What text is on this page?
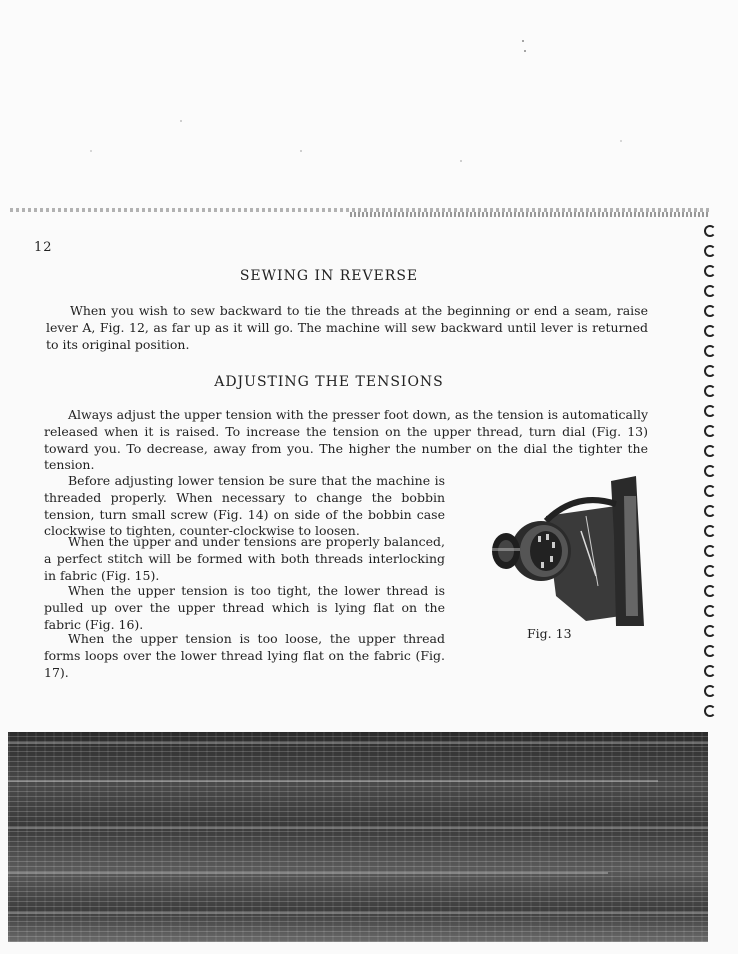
12
SEWING IN REVERSE

When you wish to sew backward to tie the threads at the beginning or end a seam, raise lever A, Fig. 12, as far up as it will go. The machine will sew backward until lever is returned to its original position.

ADJUSTING THE TENSIONS

Always adjust the upper tension with the presser foot down, as the tension is automatically released when it is raised. To increase the tension on the upper thread, turn dial (Fig. 13) toward you. To decrease, away from you. The higher the number on the dial the tighter the tension.

Before adjusting lower tension be sure that the machine is threaded properly. When necessary to change the bobbin tension, turn small screw (Fig. 14) on side of the bobbin case clockwise to tighten, counter-clockwise to loosen.

When the upper and under tensions are properly balanced, a perfect stitch will be formed with both threads interlocking in fabric (Fig. 15).

When the upper tension is too tight, the lower thread is pulled up over the upper thread which is lying flat on the fabric (Fig. 16).

When the upper tension is too loose, the upper thread forms loops over the lower thread lying flat on the fabric (Fig. 17).

Fig. 13
